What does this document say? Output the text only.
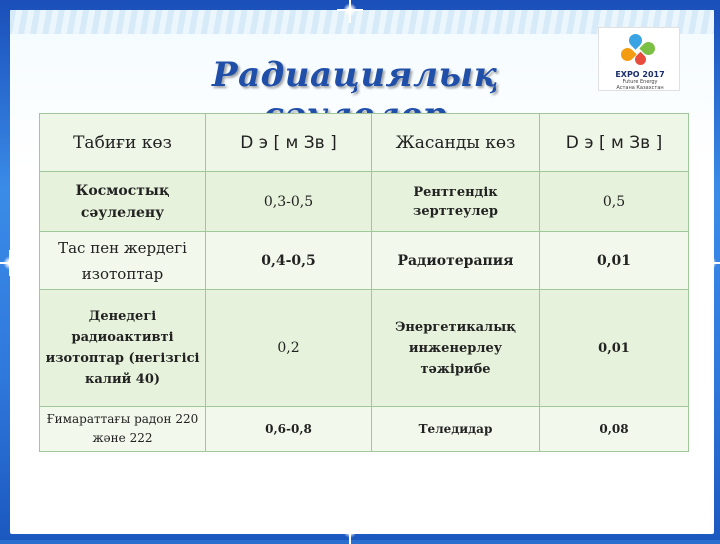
Радиациялық	EXPO 2017
Future Energy
Астана Казахстан
Табиғи көз	D э [ м Зв ]	Жасанды көз	D э [ м Зв ]
Космостық сәулелену	0,3-0,5	Рентгендік зерттеулер	0,5
Тас пен жердегі изотоптар	0,4-0,5	Радиотерапия	0,01
Денедегі радиоактивті изотоптар (негізгісі калий 40)	0,2	Энергетикалық инженерлеу тәжірибе	0,01
Ғимараттағы радон 220 және 222	0,6-0,8	Теледидар	0,08
